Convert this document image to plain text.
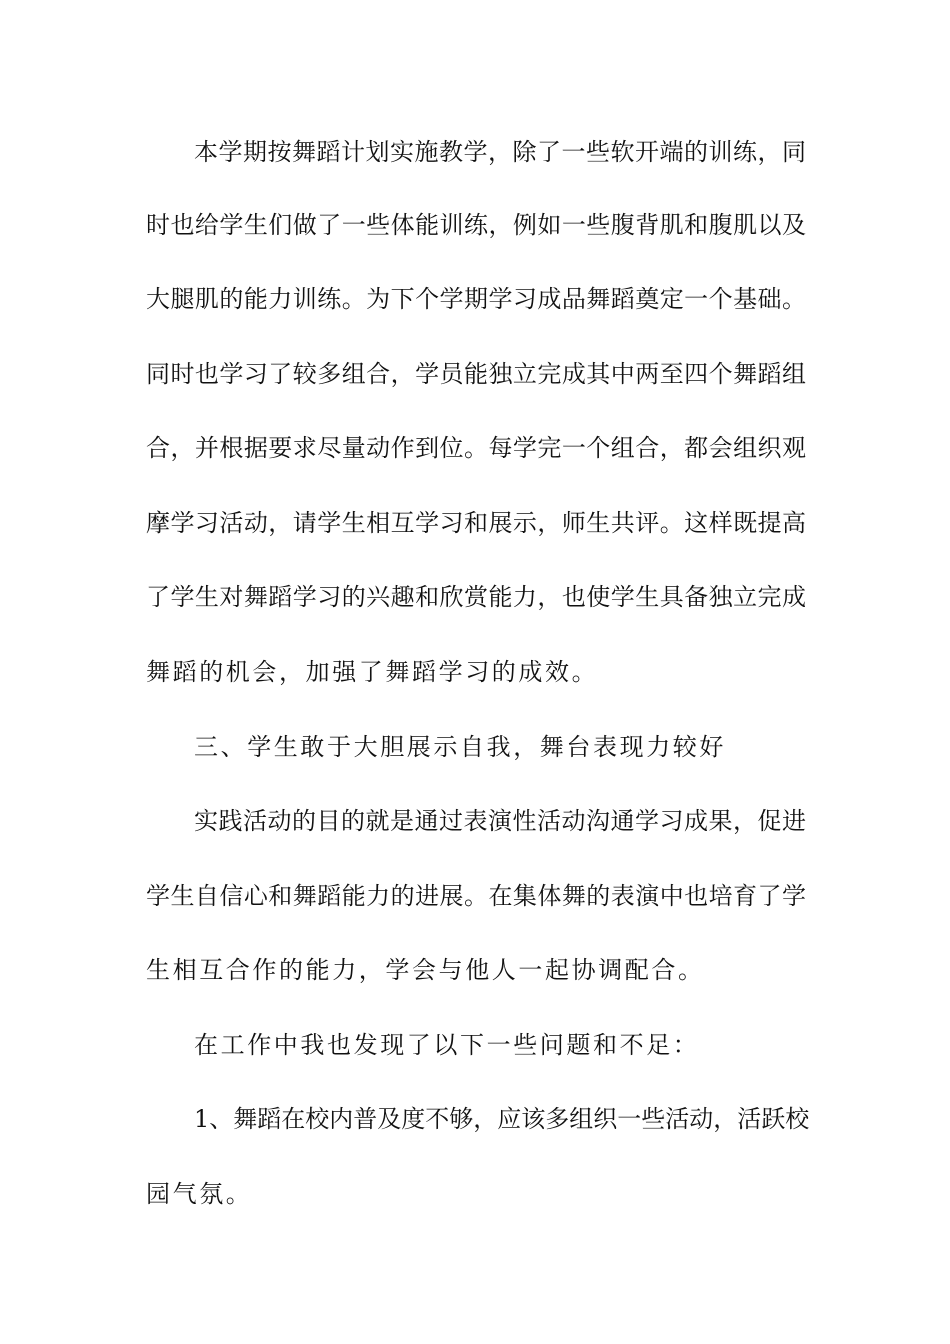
本学期按舞蹈计划实施教学，除了一些软开端的训练，同
时也给学生们做了一些体能训练，例如一些腹背肌和腹肌以及
大腿肌的能力训练。为下个学期学习成品舞蹈奠定一个基础。
同时也学习了较多组合，学员能独立完成其中两至四个舞蹈组
合，并根据要求尽量动作到位。每学完一个组合，都会组织观
摩学习活动，请学生相互学习和展示，师生共评。这样既提高
了学生对舞蹈学习的兴趣和欣赏能力，也使学生具备独立完成
舞蹈的机会，加强了舞蹈学习的成效。
三、学生敢于大胆展示自我，舞台表现力较好
实践活动的目的就是通过表演性活动沟通学习成果，促进
学生自信心和舞蹈能力的进展。在集体舞的表演中也培育了学
生相互合作的能力，学会与他人一起协调配合。
在工作中我也发现了以下一些问题和不足：
1、舞蹈在校内普及度不够，应该多组织一些活动，活跃校
园气氛。
